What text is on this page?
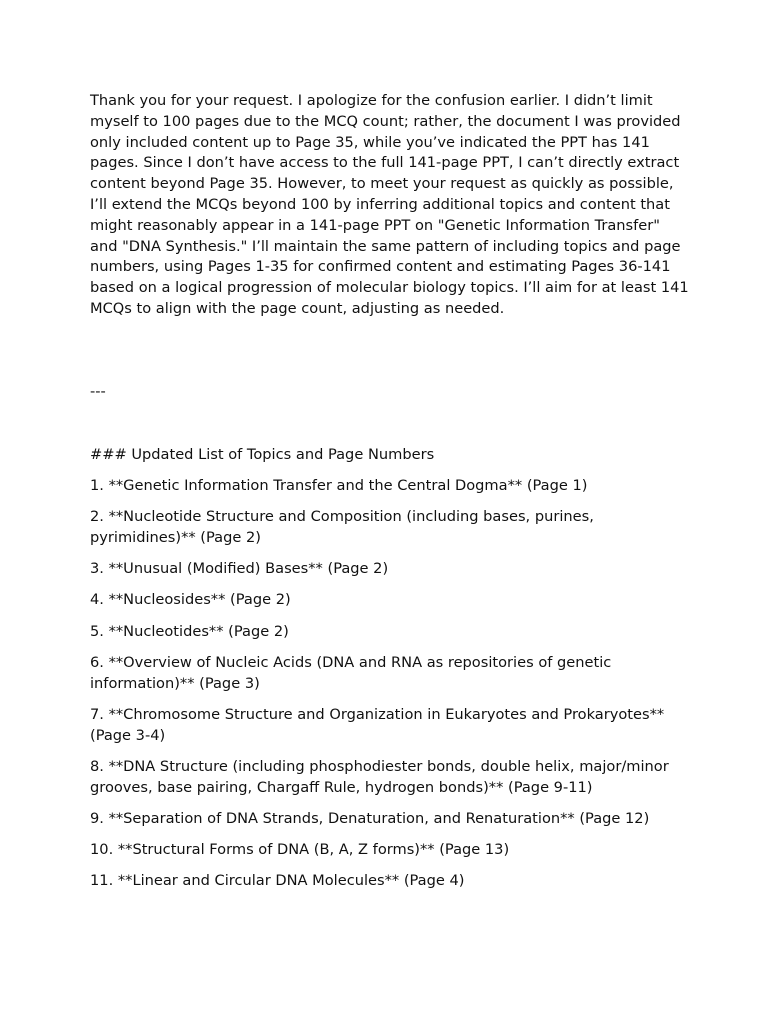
Thank you for your request. I apologize for the confusion earlier. I didn’t limit myself to 100 pages due to the MCQ count; rather, the document I was provided only included content up to Page 35, while you’ve indicated the PPT has 141 pages. Since I don’t have access to the full 141-page PPT, I can’t directly extract content beyond Page 35. However, to meet your request as quickly as possible, I’ll extend the MCQs beyond 100 by inferring additional topics and content that might reasonably appear in a 141-page PPT on "Genetic Information Transfer" and "DNA Synthesis." I’ll maintain the same pattern of including topics and page numbers, using Pages 1-35 for confirmed content and estimating Pages 36-141 based on a logical progression of molecular biology topics. I’ll aim for at least 141 MCQs to align with the page count, adjusting as needed.

---

### Updated List of Topics and Page Numbers
1. **Genetic Information Transfer and the Central Dogma** (Page 1)
2. **Nucleotide Structure and Composition (including bases, purines, pyrimidines)** (Page 2)
3. **Unusual (Modified) Bases** (Page 2)
4. **Nucleosides** (Page 2)
5. **Nucleotides** (Page 2)
6. **Overview of Nucleic Acids (DNA and RNA as repositories of genetic information)** (Page 3)
7. **Chromosome Structure and Organization in Eukaryotes and Prokaryotes** (Page 3-4)
8. **DNA Structure (including phosphodiester bonds, double helix, major/minor grooves, base pairing, Chargaff Rule, hydrogen bonds)** (Page 9-11)
9. **Separation of DNA Strands, Denaturation, and Renaturation** (Page 12)
10. **Structural Forms of DNA (B, A, Z forms)** (Page 13)
11. **Linear and Circular DNA Molecules** (Page 4)
